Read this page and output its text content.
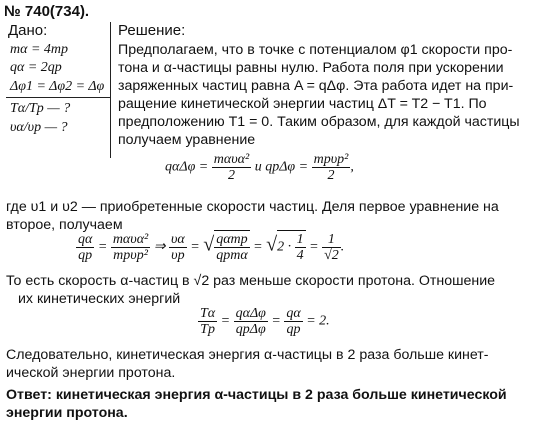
№ 740(734).
Дано:	Решение:
mα = 4mp
qα = 2qp
Δφ1 = Δφ2 = Δφ
Tα/Tp — ?
υα/υp — ?
Предполагаем, что в точке с потенциалом φ1 скорости про-
тона и α-частицы равны нулю. Работа поля при ускорении
заряженных частиц равна A = qΔφ. Эта работа идет на при-
ращение кинетической энергии частиц ΔT = T2 − T1. По
предположению T1 = 0. Таким образом, для каждой частицы
получаем уравнение
$q\alpha\Delta\varphi = \frac{\text{mαυα²}}{2}$ и $qp\Delta\varphi = \frac{\text{mpυp²}}{2}$ ,
где υ1 и υ2 — приобретенные скорости частиц. Деля первое уравнение на
второе, получаем
$\frac{q\alpha}{qp} = \frac{\text{mαυα²}}{\text{mpυp²}}$ ⇒ $\frac{\upsilon\alpha}{\upsilon p}$ = √ $\frac{\text{qαmp}}{\text{qpmα}} = √2 \cdot \frac{1}{4} = \frac{1}{√2}$ .
То есть скорость α-частиц в √2 раз меньше скорости протона. Отношение
их кинетических энергий
$\frac{T\alpha}{Tp} = \frac{\text{qαΔφ}}{\text{qpΔφ}} = \frac{q\alpha}{qp} = 2$.
Следовательно, кинетическая энергия α-частицы в 2 раза больше кинет-
ической энергии протона.
Ответ: кинетическая энергия α-частицы в 2 раза больше кинетической
энергии протона.
